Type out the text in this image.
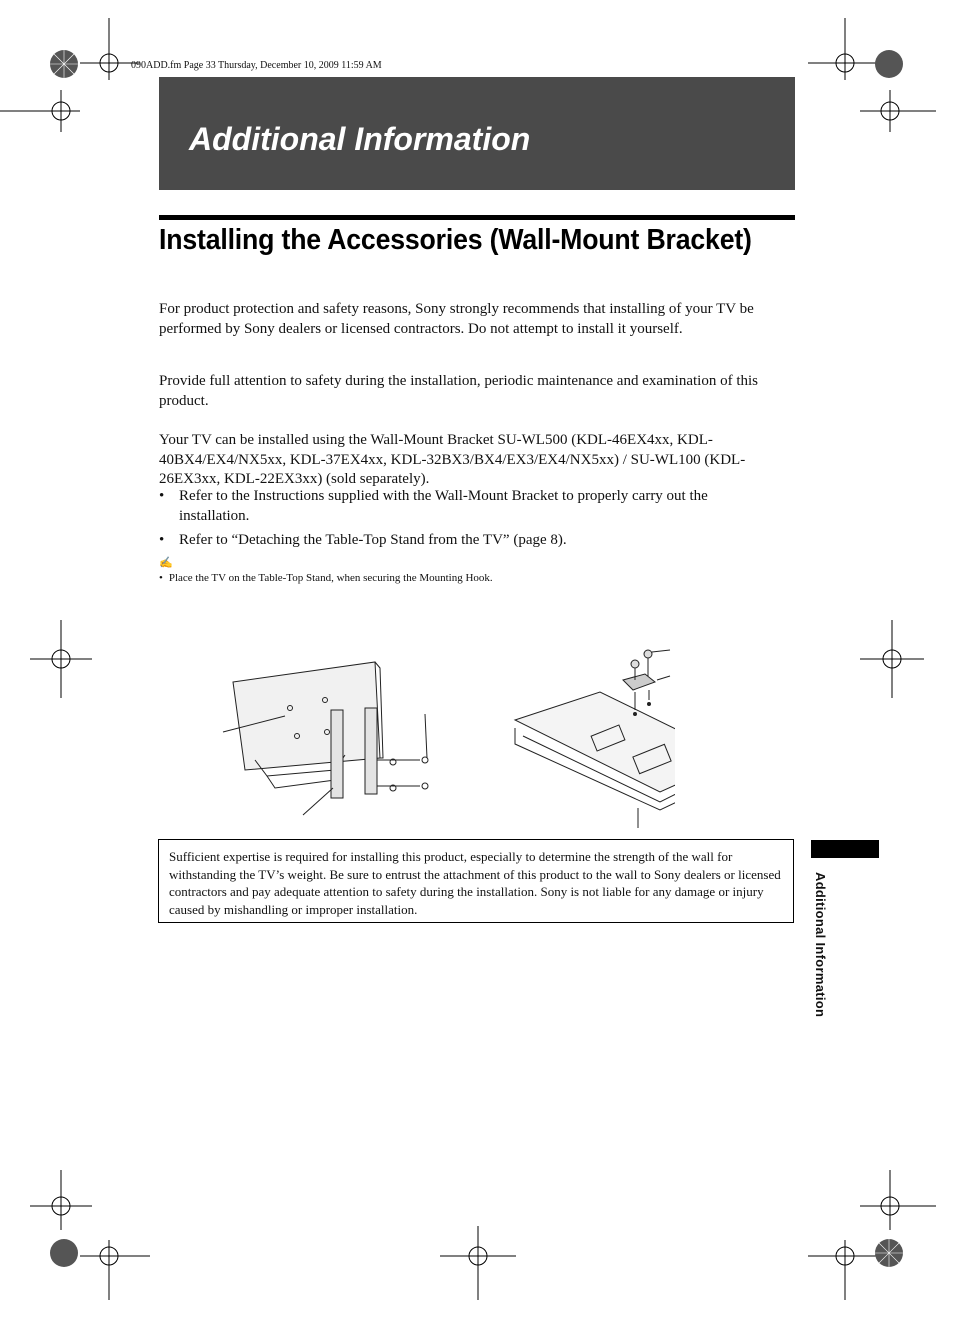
090ADD.fm Page 33 Thursday, December 10, 2009 11:59 AM
Additional Information
Installing the Accessories (Wall-Mount Bracket)
For product protection and safety reasons, Sony strongly recommends that installing of your TV be performed by Sony dealers or licensed contractors. Do not attempt to install it yourself.
Provide full attention to safety during the installation, periodic maintenance and examination of this product.
Your TV can be installed using the Wall-Mount Bracket SU-WL500 (KDL-46EX4xx, KDL-40BX4/EX4/NX5xx, KDL-37EX4xx, KDL-32BX3/BX4/EX3/EX4/NX5xx) / SU-WL100 (KDL-26EX3xx, KDL-22EX3xx) (sold separately).
• Refer to the Instructions supplied with the Wall-Mount Bracket to properly carry out the installation.
• Refer to “Detaching the Table-Top Stand from the TV” (page 8).
✍
• Place the TV on the Table-Top Stand, when securing the Mounting Hook.
Sufficient expertise is required for installing this product, especially to determine the strength of the wall for withstanding the TV’s weight. Be sure to entrust the attachment of this product to the wall to Sony dealers or licensed contractors and pay adequate attention to safety during the installation. Sony is not liable for any damage or injury caused by mishandling or improper installation.	Additional Information
